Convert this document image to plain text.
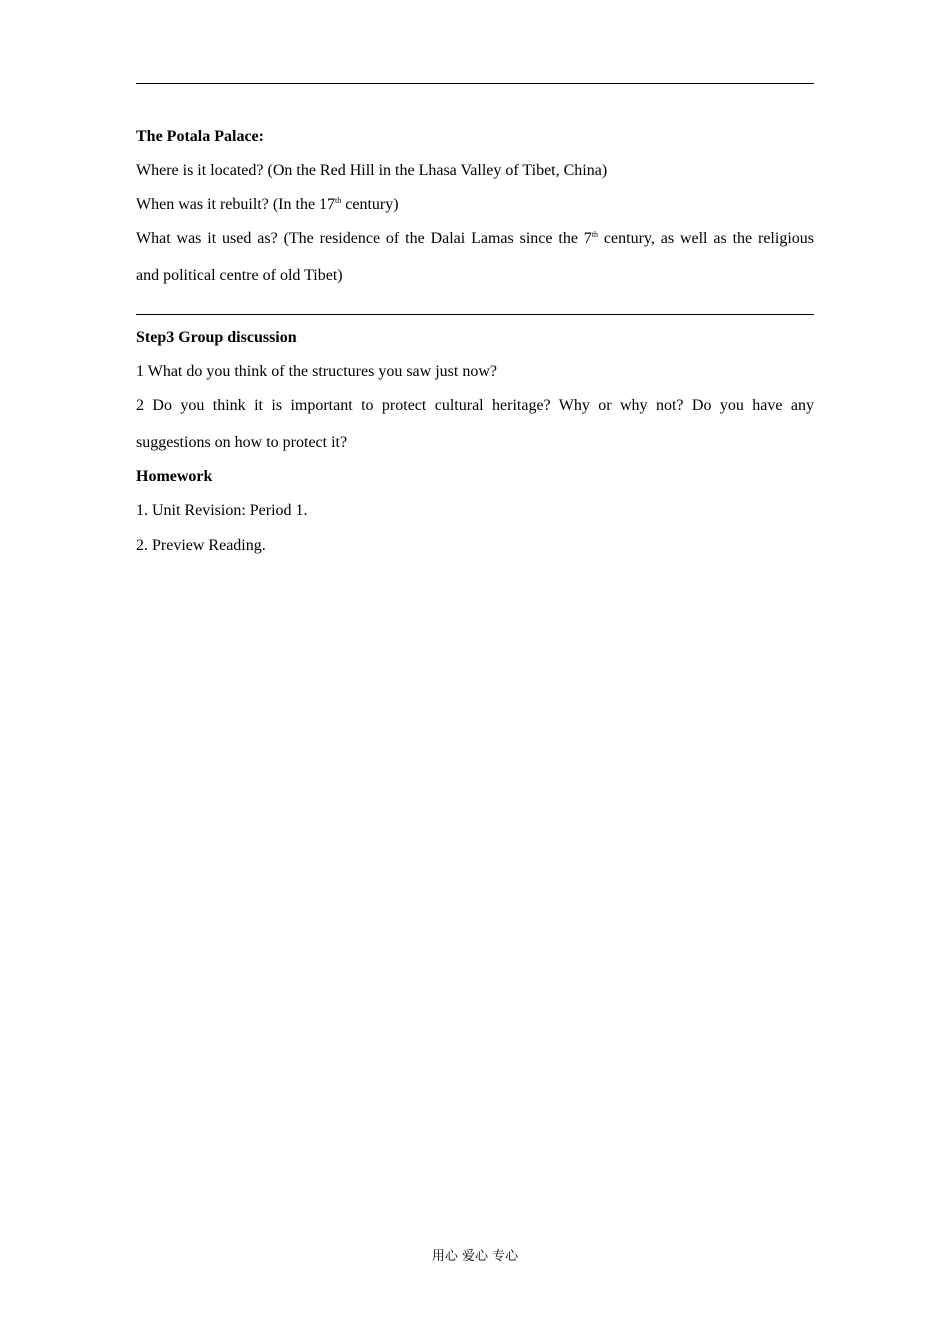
The Potala Palace:
Where is it located? (On the Red Hill in the Lhasa Valley of Tibet, China)
When was it rebuilt? (In the 17th century)
What was it used as? (The residence of the Dalai Lamas since the 7th century, as well as the religious
and political centre of old Tibet)
Step3 Group discussion
1 What do you think of the structures you saw just now?
2 Do you think it is important to protect cultural heritage? Why or why not? Do you have any
suggestions on how to protect it?
Homework
1. Unit Revision: Period 1.
2. Preview Reading.
用心 爱心 专心
